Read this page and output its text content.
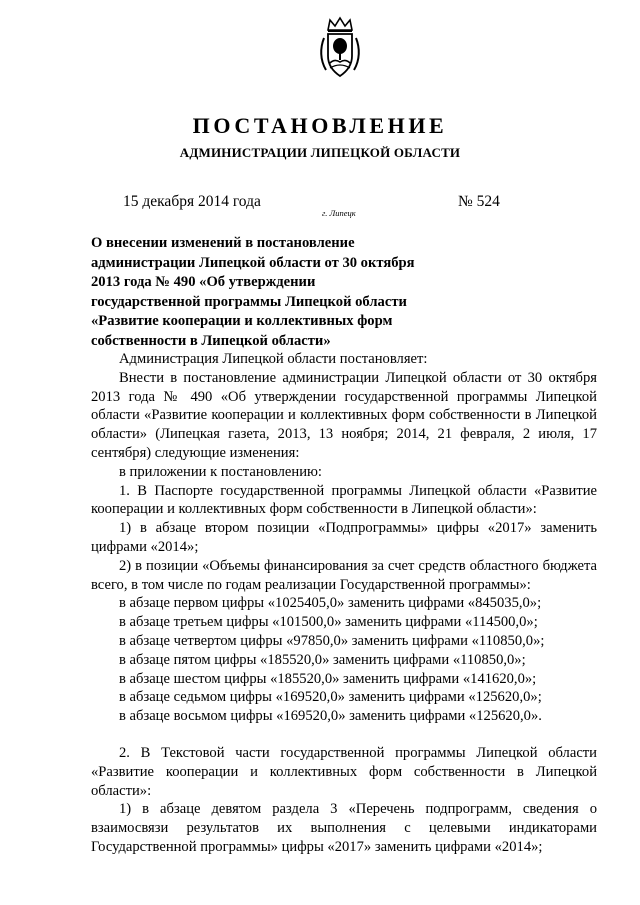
ПОСТАНОВЛЕНИЕ
АДМИНИСТРАЦИИ ЛИПЕЦКОЙ ОБЛАСТИ
15 декабря 2014 года
г. Липецк
№ 524
О внесении изменений в постановление
администрации Липецкой области от 30 октября
2013 года № 490 «Об утверждении
государственной программы Липецкой области
«Развитие кооперации и коллективных форм
собственности в Липецкой области»

Администрация Липецкой области постановляет:

Внести в постановление администрации Липецкой области от 30 октября 2013 года № 490 «Об утверждении государственной программы Липецкой области «Развитие кооперации и коллективных форм собственности в Липецкой области» (Липецкая газета, 2013, 13 ноября; 2014, 21 февраля, 2 июля, 17 сентября) следующие изменения:

в приложении к постановлению:

1. В Паспорте государственной программы Липецкой области «Развитие кооперации и коллективных форм собственности в Липецкой области»:

1) в абзаце втором позиции «Подпрограммы» цифры «2017» заменить цифрами «2014»;

2) в позиции «Объемы финансирования за счет средств областного бюджета всего, в том числе по годам реализации Государственной программы»:

в абзаце первом цифры «1025405,0» заменить цифрами «845035,0»;

в абзаце третьем цифры «101500,0» заменить цифрами «114500,0»;

в абзаце четвертом цифры «97850,0» заменить цифрами «110850,0»;

в абзаце пятом цифры «185520,0» заменить цифрами «110850,0»;

в абзаце шестом цифры «185520,0» заменить цифрами «141620,0»;

в абзаце седьмом цифры «169520,0» заменить цифрами «125620,0»;

в абзаце восьмом цифры «169520,0» заменить цифрами «125620,0».

2. В Текстовой части государственной программы Липецкой области «Развитие кооперации и коллективных форм собственности в Липецкой области»:

1) в абзаце девятом раздела 3 «Перечень подпрограмм, сведения о взаимосвязи результатов их выполнения с целевыми индикаторами Государственной программы» цифры «2017» заменить цифрами «2014»;
